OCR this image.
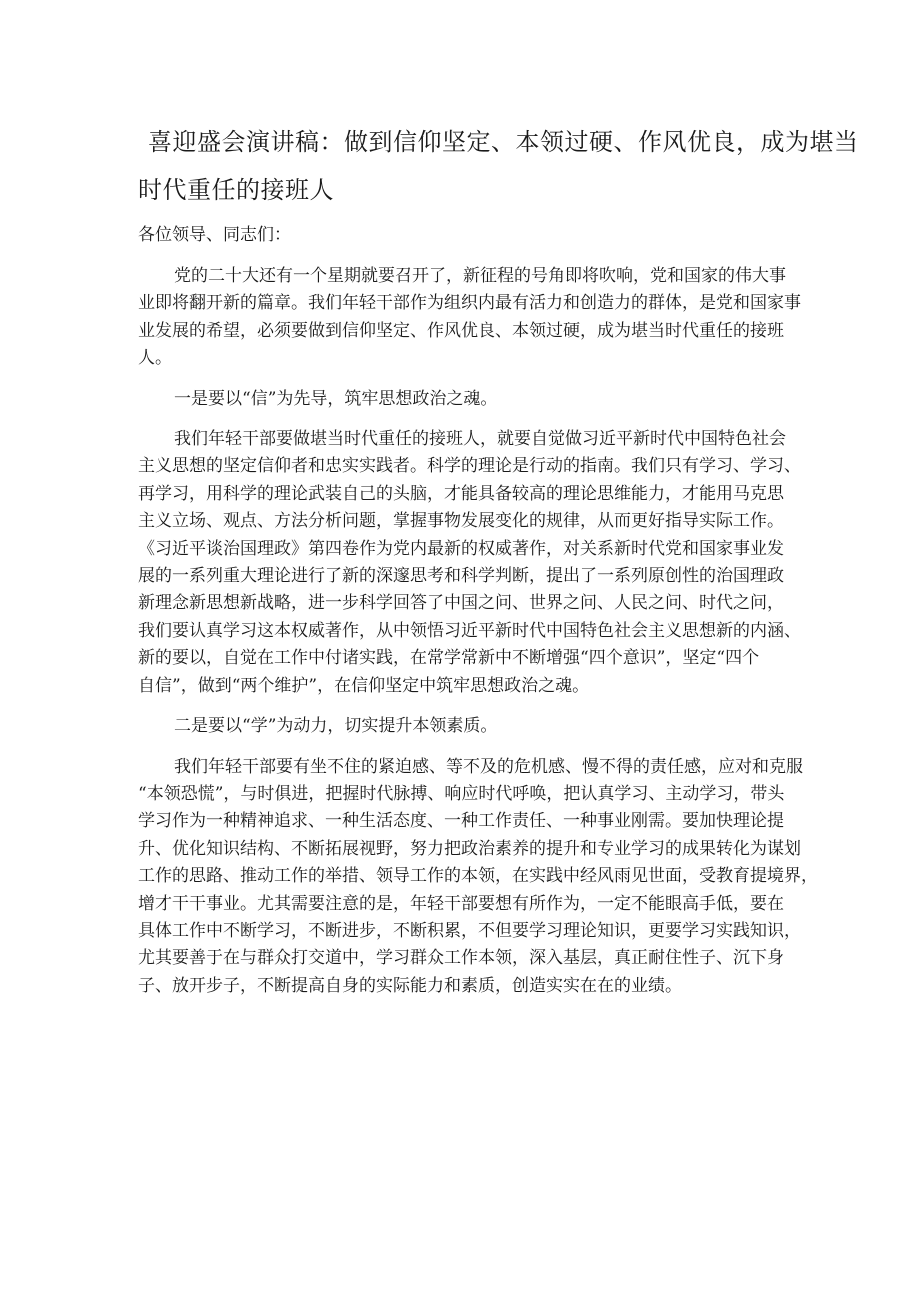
喜迎盛会演讲稿：做到信仰坚定、本领过硬、作风优良，成为堪当
时代重任的接班人

各位领导、同志们：

党的二十大还有一个星期就要召开了，新征程的号角即将吹响，党和国家的伟大事
业即将翻开新的篇章。我们年轻干部作为组织内最有活力和创造力的群体，是党和国家事
业发展的希望，必须要做到信仰坚定、作风优良、本领过硬，成为堪当时代重任的接班
人。

一是要以“信”为先导，筑牢思想政治之魂。

我们年轻干部要做堪当时代重任的接班人，就要自觉做习近平新时代中国特色社会
主义思想的坚定信仰者和忠实实践者。科学的理论是行动的指南。我们只有学习、学习、
再学习，用科学的理论武装自己的头脑，才能具备较高的理论思维能力，才能用马克思
主义立场、观点、方法分析问题，掌握事物发展变化的规律，从而更好指导实际工作。
《习近平谈治国理政》第四卷作为党内最新的权威著作，对关系新时代党和国家事业发
展的一系列重大理论进行了新的深邃思考和科学判断，提出了一系列原创性的治国理政
新理念新思想新战略，进一步科学回答了中国之问、世界之问、人民之问、时代之问，
我们要认真学习这本权威著作，从中领悟习近平新时代中国特色社会主义思想新的内涵、
新的要以，自觉在工作中付诸实践，在常学常新中不断增强“四个意识”，坚定“四个
自信”，做到“两个维护”，在信仰坚定中筑牢思想政治之魂。

二是要以“学”为动力，切实提升本领素质。

我们年轻干部要有坐不住的紧迫感、等不及的危机感、慢不得的责任感，应对和克服
“本领恐慌”，与时俱进，把握时代脉搏、响应时代呼唤，把认真学习、主动学习，带头
学习作为一种精神追求、一种生活态度、一种工作责任、一种事业刚需。要加快理论提
升、优化知识结构、不断拓展视野，努力把政治素养的提升和专业学习的成果转化为谋划
工作的思路、推动工作的举措、领导工作的本领，在实践中经风雨见世面，受教育提境界，
增才干干事业。尤其需要注意的是，年轻干部要想有所作为，一定不能眼高手低，要在
具体工作中不断学习，不断进步，不断积累，不但要学习理论知识，更要学习实践知识，
尤其要善于在与群众打交道中，学习群众工作本领，深入基层，真正耐住性子、沉下身
子、放开步子，不断提高自身的实际能力和素质，创造实实在在的业绩。
